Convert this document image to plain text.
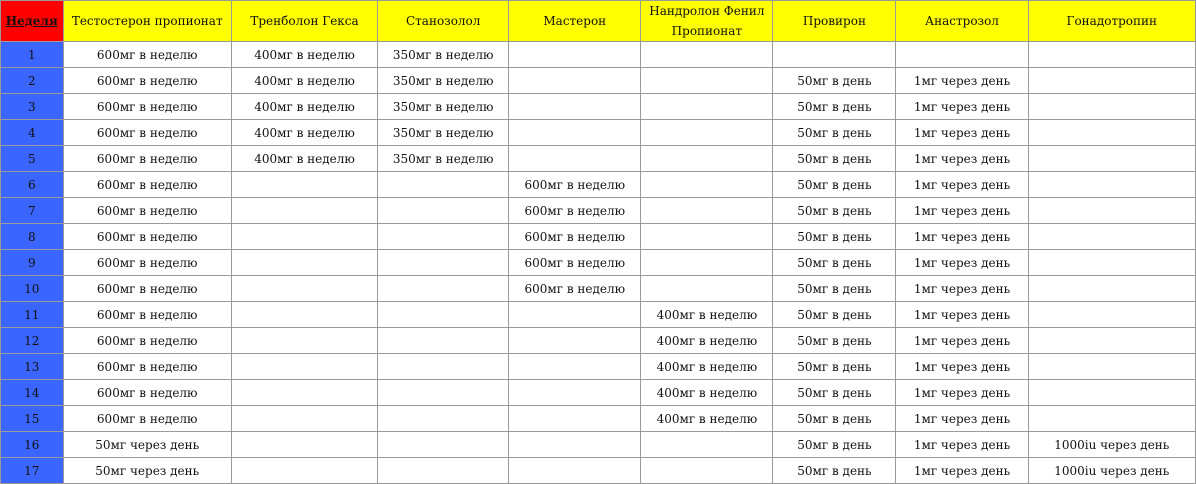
Неделя	Тестостерон пропионат	Тренболон Гекса	Станозолол	Мастерон	Нандролон Фенил Пропионат	Провирон	Анастрозол	Гонадотропин
1	600мг в неделю	400мг в неделю	350мг в неделю					
2	600мг в неделю	400мг в неделю	350мг в неделю			50мг в день	1мг через день	
3	600мг в неделю	400мг в неделю	350мг в неделю			50мг в день	1мг через день	
4	600мг в неделю	400мг в неделю	350мг в неделю			50мг в день	1мг через день	
5	600мг в неделю	400мг в неделю	350мг в неделю			50мг в день	1мг через день	
6	600мг в неделю			600мг в неделю		50мг в день	1мг через день	
7	600мг в неделю			600мг в неделю		50мг в день	1мг через день	
8	600мг в неделю			600мг в неделю		50мг в день	1мг через день	
9	600мг в неделю			600мг в неделю		50мг в день	1мг через день	
10	600мг в неделю			600мг в неделю		50мг в день	1мг через день	
11	600мг в неделю				400мг в неделю	50мг в день	1мг через день	
12	600мг в неделю				400мг в неделю	50мг в день	1мг через день	
13	600мг в неделю				400мг в неделю	50мг в день	1мг через день	
14	600мг в неделю				400мг в неделю	50мг в день	1мг через день	
15	600мг в неделю				400мг в неделю	50мг в день	1мг через день	
16	50мг через день					50мг в день	1мг через день	1000iu через день
17	50мг через день					50мг в день	1мг через день	1000iu через день
